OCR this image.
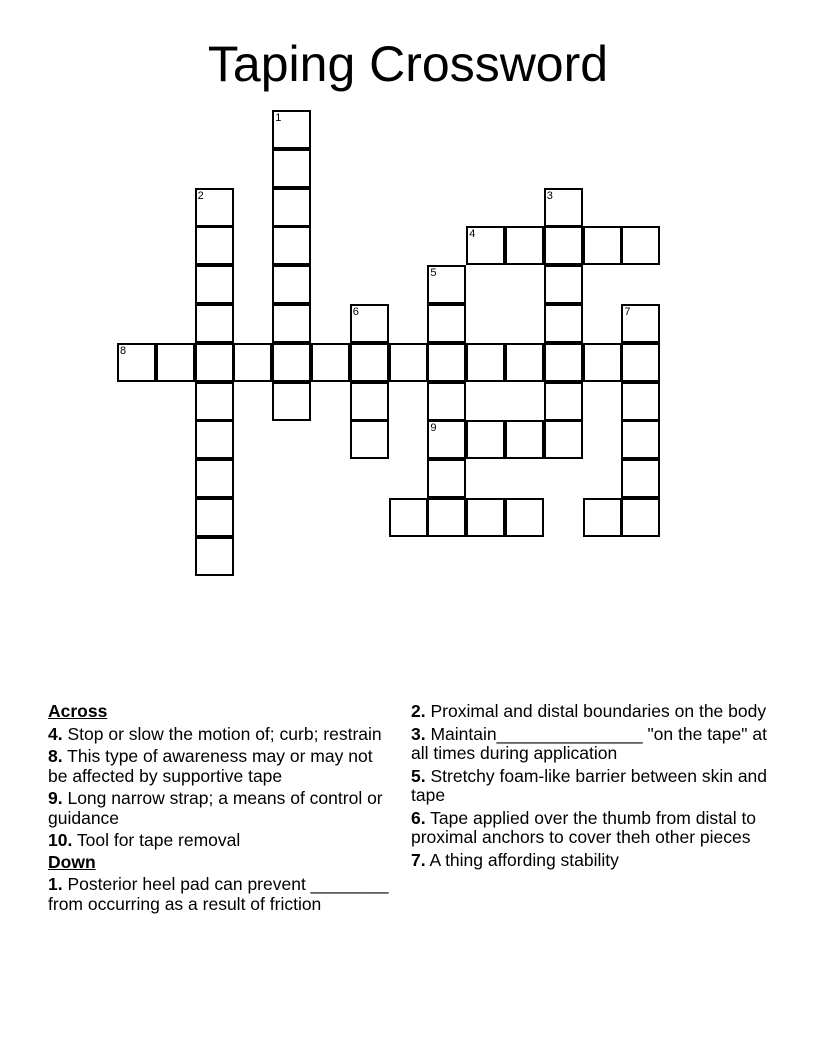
Taping Crossword
1
2	3
4
5
9
6	7
8
Across
4. Stop or slow the motion of; curb; restrain
8. This type of awareness may or may not be affected by supportive tape
9. Long narrow strap; a means of control or guidance
10. Tool for tape removal
Down
1. Posterior heel pad can prevent ________ from occurring as a result of friction
2. Proximal and distal boundaries on the body
3. Maintain_______________ "on the tape" at all times during application
5. Stretchy foam-like barrier between skin and tape
6. Tape applied over the thumb from distal to proximal anchors to cover theh other pieces
7. A thing affording stability
